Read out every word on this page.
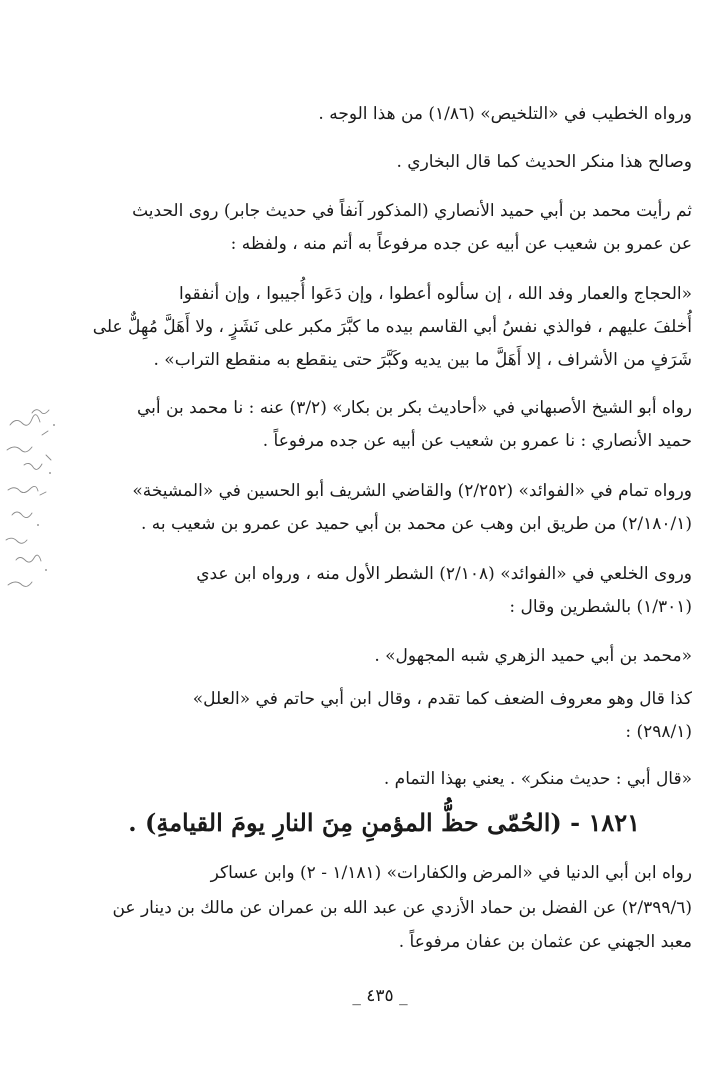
ورواه الخطيب في «التلخيص» (١/٨٦) من هذا الوجه .
وصالح هذا منكر الحديث كما قال البخاري .
ثم رأيت محمد بن أبي حميد الأنصاري (المذكور آنفاً في حديث جابر) روى الحديث
عن عمرو بن شعيب عن أبيه عن جده مرفوعاً به أتم منه ، ولفظه :
«الحجاج والعمار وفد الله ، إن سألوه أعطوا ، وإن دَعَوا أُجيبوا ، وإن أنفقوا
أُخلفَ عليهم ، فوالذي نفسُ أبي القاسم بيده ما كبَّرَ مكبر على نَشَزٍ ، ولا أَهَلَّ مُهِلٌّ على
شَرَفٍ من الأشراف ، إلا أَهَلَّ ما بين يديه وكَبَّرَ حتى ينقطع به منقطع التراب» .
رواه أبو الشيخ الأصبهاني في «أحاديث بكر بن بكار» (٣/٢) عنه : نا محمد بن أبي
حميد الأنصاري : نا عمرو بن شعيب عن أبيه عن جده مرفوعاً .
ورواه تمام في «الفوائد» (٢/٢٥٢) والقاضي الشريف أبو الحسين في «المشيخة»
(٢/١٨٠/١) من طريق ابن وهب عن محمد بن أبي حميد عن عمرو بن شعيب به .
وروى الخلعي في «الفوائد» (٢/١٠٨) الشطر الأول منه ، ورواه ابن عدي
(١/٣٠١) بالشطرين وقال :
«محمد بن أبي حميد الزهري شبه المجهول» .
كذا قال وهو معروف الضعف كما تقدم ، وقال ابن أبي حاتم في «العلل»
(٢٩٨/١) :
«قال أبي : حديث منكر» . يعني بهذا التمام .
١٨٢١ - (الحُمّى حظُّ المؤمنِ مِنَ النارِ يومَ القيامةِ) .
رواه ابن أبي الدنيا في «المرض والكفارات» (١/١٨١ - ٢) وابن عساكر
(٢/٣٩٩/٦) عن الفضل بن حماد الأزدي عن عبد الله بن عمران عن مالك بن دينار عن
معبد الجهني عن عثمان بن عفان مرفوعاً .
_ ٤٣٥ _
